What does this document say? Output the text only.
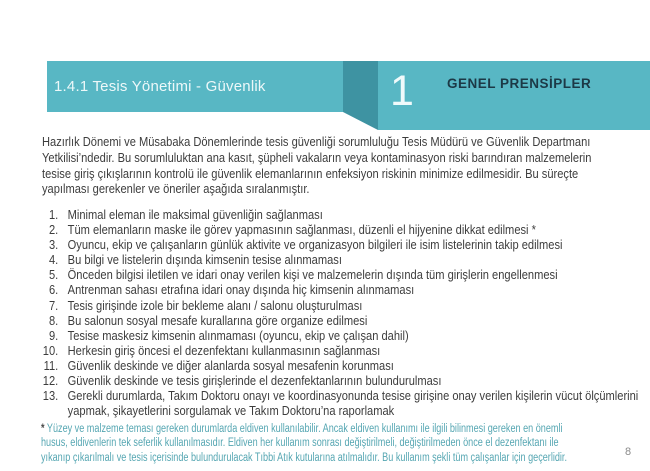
1.4.1 Tesis Yönetimi - Güvenlik	1 GENEL PRENSİPLER
Hazırlık Dönemi ve Müsabaka Dönemlerinde tesis güvenliği sorumluluğu Tesis Müdürü ve Güvenlik Departmanı
Yetkilisi’ndedir. Bu sorumluluktan ana kasıt, şüpheli vakaların veya kontaminasyon riski barındıran malzemelerin
tesise giriş çıkışlarının kontrolü ile güvenlik elemanlarının enfeksiyon riskinin minimize edilmesidir. Bu süreçte
yapılması gerekenler ve öneriler aşağıda sıralanmıştır.
1. Minimal eleman ile maksimal güvenliğin sağlanması
2. Tüm elemanların maske ile görev yapmasının sağlanması, düzenli el hijyenine dikkat edilmesi *
3. Oyuncu, ekip ve çalışanların günlük aktivite ve organizasyon bilgileri ile isim listelerinin takip edilmesi
4. Bu bilgi ve listelerin dışında kimsenin tesise alınmaması
5. Önceden bilgisi iletilen ve idari onay verilen kişi ve malzemelerin dışında tüm girişlerin engellenmesi
6. Antrenman sahası etrafına idari onay dışında hiç kimsenin alınmaması
7. Tesis girişinde izole bir bekleme alanı / salonu oluşturulması
8. Bu salonun sosyal mesafe kurallarına göre organize edilmesi
9. Tesise maskesiz kimsenin alınmaması (oyuncu, ekip ve çalışan dahil)
10. Herkesin giriş öncesi el dezenfektanı kullanmasının sağlanması
11. Güvenlik deskinde ve diğer alanlarda sosyal mesafenin korunması
12. Güvenlik deskinde ve tesis girişlerinde el dezenfektanlarının bulundurulması
13. Gerekli durumlarda, Takım Doktoru onayı ve koordinasyonunda tesise girişine onay verilen kişilerin vücut ölçümlerini yapmak, şikayetlerini sorgulamak ve Takım Doktoru’na raporlamak
* Yüzey ve malzeme teması gereken durumlarda eldiven kullanılabilir. Ancak eldiven kullanımı ile ilgili bilinmesi gereken en önemli
husus, eldivenlerin tek seferlik kullanılmasıdır. Eldiven her kullanım sonrası değiştirilmeli, değiştirilmeden önce el dezenfektanı ile
yıkanıp çıkarılmalı ve tesis içerisinde bulundurulacak Tıbbi Atık kutularına atılmalıdır. Bu kullanım şekli tüm çalışanlar için geçerlidir.	8
